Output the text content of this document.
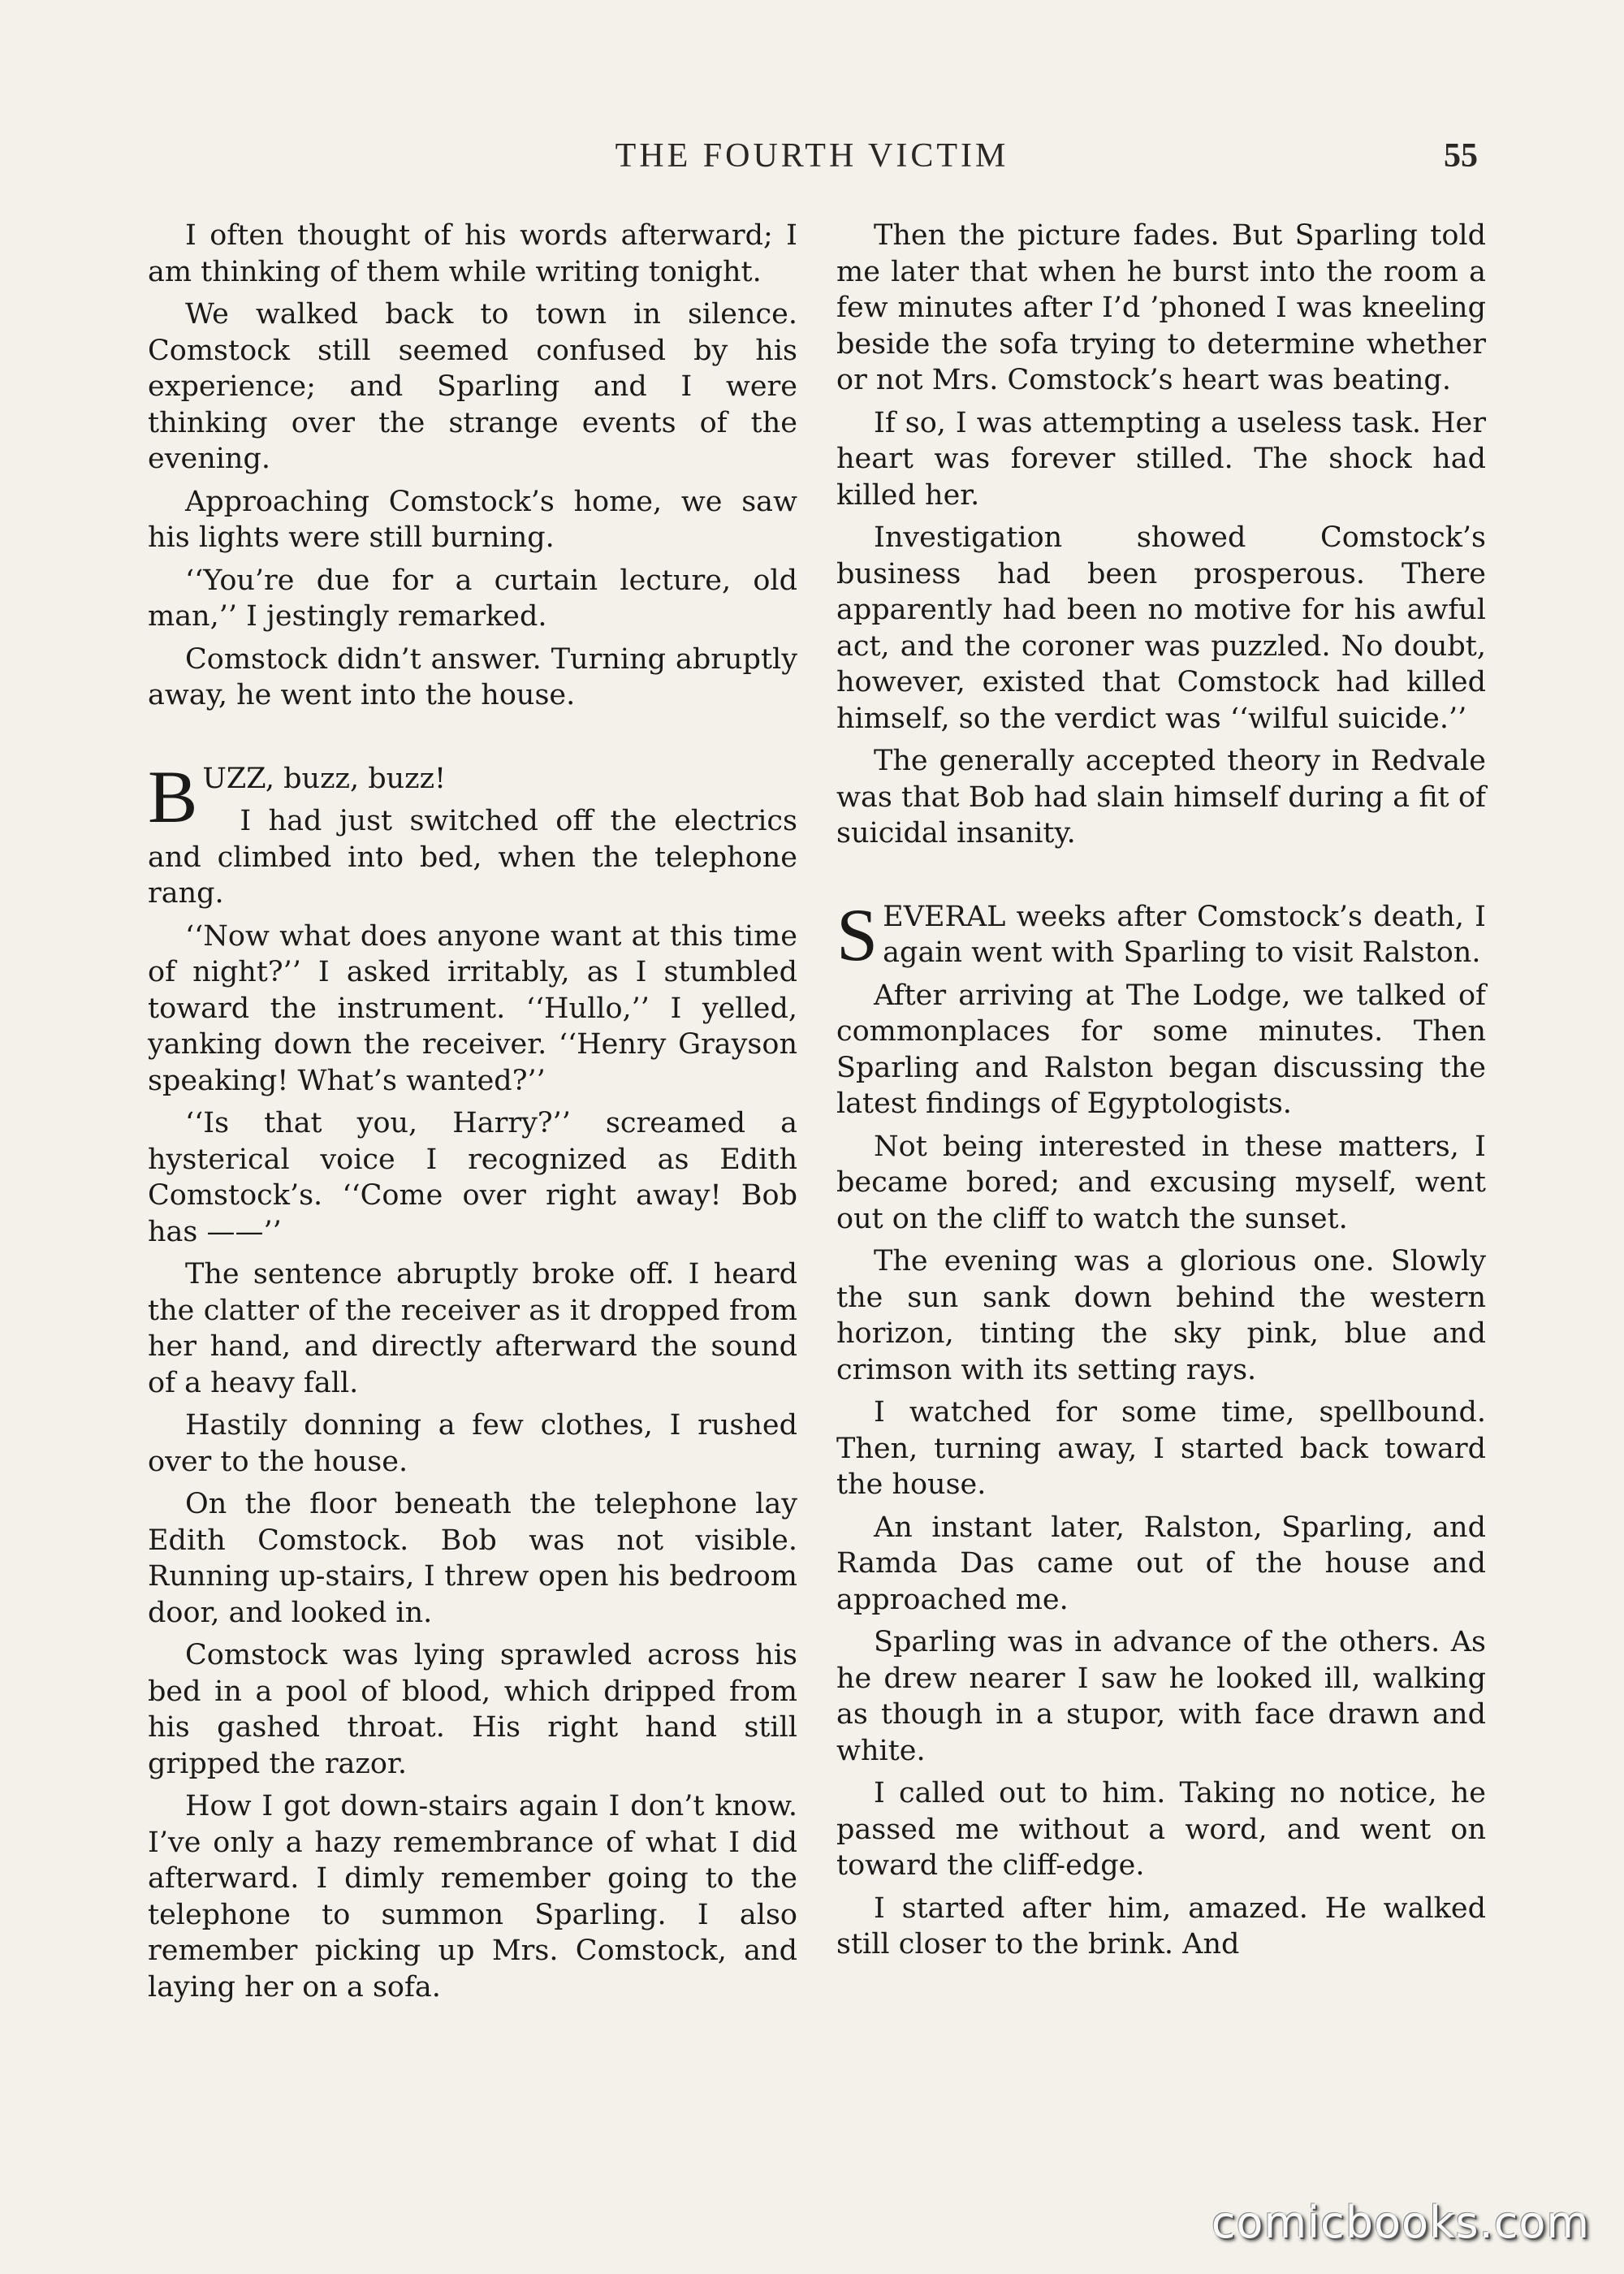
THE FOURTH VICTIM	55

I often thought of his words afterward; I am thinking of them while writing tonight.

We walked back to town in silence. Comstock still seemed confused by his experience; and Sparling and I were thinking over the strange events of the evening.

Approaching Comstock’s home, we saw his lights were still burning.

‘‘You’re due for a curtain lecture, old man,’’ I jestingly remarked.

Comstock didn’t answer. Turning abruptly away, he went into the house.

BUZZ, buzz, buzz!

I had just switched off the electrics and climbed into bed, when the telephone rang.

‘‘Now what does anyone want at this time of night?’’ I asked irritably, as I stumbled toward the instrument. ‘‘Hullo,’’ I yelled, yanking down the receiver. ‘‘Henry Grayson speaking! What’s wanted?’’

‘‘Is that you, Harry?’’ screamed a hysterical voice I recognized as Edith Comstock’s. ‘‘Come over right away! Bob has ——’’

The sentence abruptly broke off. I heard the clatter of the receiver as it dropped from her hand, and directly afterward the sound of a heavy fall.

Hastily donning a few clothes, I rushed over to the house.

On the floor beneath the telephone lay Edith Comstock. Bob was not visible. Running up-stairs, I threw open his bedroom door, and looked in.

Comstock was lying sprawled across his bed in a pool of blood, which dripped from his gashed throat. His right hand still gripped the razor.

How I got down-stairs again I don’t know. I’ve only a hazy remembrance of what I did afterward. I dimly remember going to the telephone to summon Sparling. I also remember picking up Mrs. Comstock, and laying her on a sofa.

Then the picture fades. But Sparling told me later that when he burst into the room a few minutes after I’d ’phoned I was kneeling beside the sofa trying to determine whether or not Mrs. Comstock’s heart was beating.

If so, I was attempting a useless task. Her heart was forever stilled. The shock had killed her.

Investigation showed Comstock’s business had been prosperous. There apparently had been no motive for his awful act, and the coroner was puzzled. No doubt, however, existed that Comstock had killed himself, so the verdict was ‘‘wilful suicide.’’

The generally accepted theory in Redvale was that Bob had slain himself during a fit of suicidal insanity.

SEVERAL weeks after Comstock’s death, I again went with Sparling to visit Ralston.

After arriving at The Lodge, we talked of commonplaces for some minutes. Then Sparling and Ralston began discussing the latest findings of Egyptologists.

Not being interested in these matters, I became bored; and excusing myself, went out on the cliff to watch the sunset.

The evening was a glorious one. Slowly the sun sank down behind the western horizon, tinting the sky pink, blue and crimson with its setting rays.

I watched for some time, spellbound. Then, turning away, I started back toward the house.

An instant later, Ralston, Sparling, and Ramda Das came out of the house and approached me.

Sparling was in advance of the others. As he drew nearer I saw he looked ill, walking as though in a stupor, with face drawn and white.

I called out to him. Taking no notice, he passed me without a word, and went on toward the cliff-edge.

I started after him, amazed. He walked still closer to the brink. And

comicbooks.com
